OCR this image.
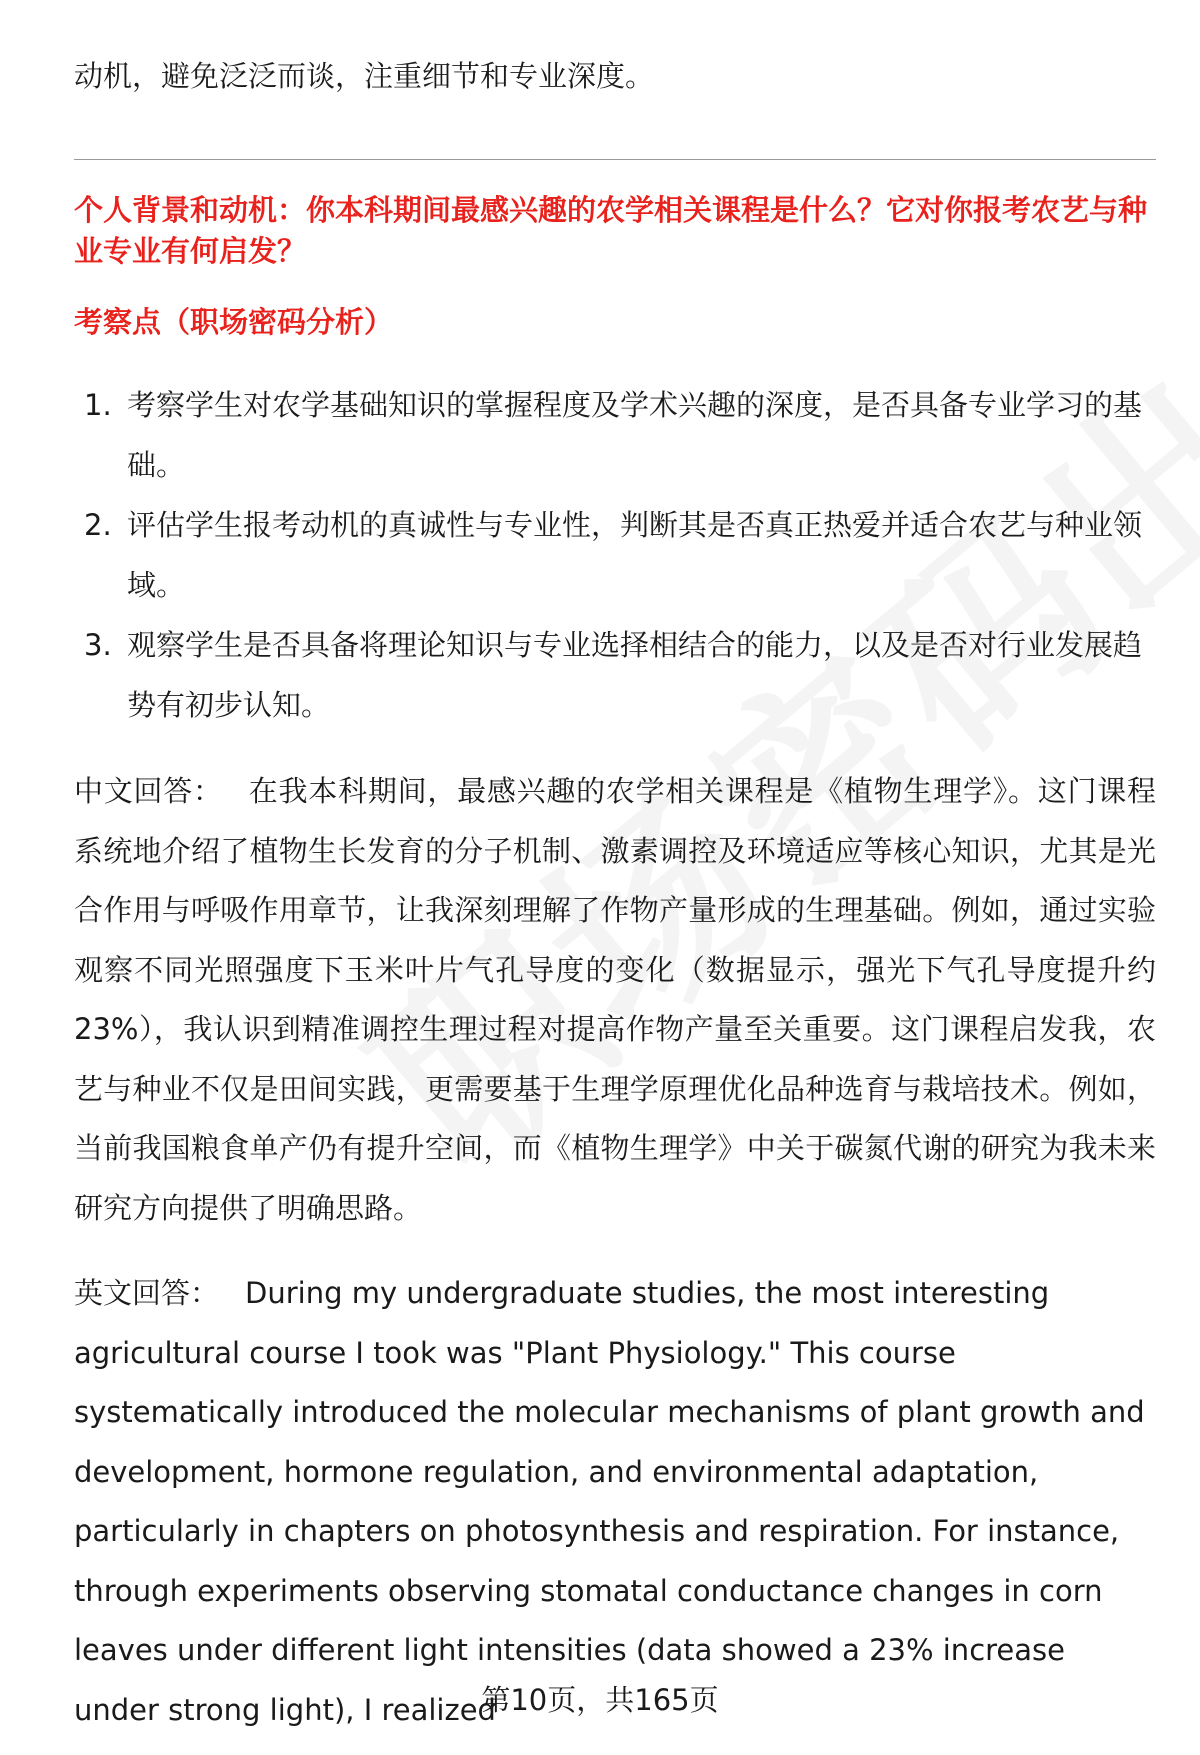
动机，避免泛泛而谈，注重细节和专业深度。

个人背景和动机：你本科期间最感兴趣的农学相关课程是什么？它对你报考农艺与种业专业有何启发？

考察点（职场密码分析）

1. 考察学生对农学基础知识的掌握程度及学术兴趣的深度，是否具备专业学习的基础。
2. 评估学生报考动机的真诚性与专业性，判断其是否真正热爱并适合农艺与种业领域。
3. 观察学生是否具备将理论知识与专业选择相结合的能力，以及是否对行业发展趋势有初步认知。

中文回答： 在我本科期间，最感兴趣的农学相关课程是《植物生理学》。这门课程系统地介绍了植物生长发育的分子机制、激素调控及环境适应等核心知识，尤其是光合作用与呼吸作用章节，让我深刻理解了作物产量形成的生理基础。例如，通过实验观察不同光照强度下玉米叶片气孔导度的变化（数据显示，强光下气孔导度提升约23%），我认识到精准调控生理过程对提高作物产量至关重要。这门课程启发我，农艺与种业不仅是田间实践，更需要基于生理学原理优化品种选育与栽培技术。例如，当前我国粮食单产仍有提升空间，而《植物生理学》中关于碳氮代谢的研究为我未来研究方向提供了明确思路。

英文回答： During my undergraduate studies, the most interesting agricultural course I took was "Plant Physiology." This course systematically introduced the molecular mechanisms of plant growth and development, hormone regulation, and environmental adaptation, particularly in chapters on photosynthesis and respiration. For instance, through experiments observing stomatal conductance changes in corn leaves under different light intensities (data showed a 23% increase under strong light), I realized

第10页，共165页
